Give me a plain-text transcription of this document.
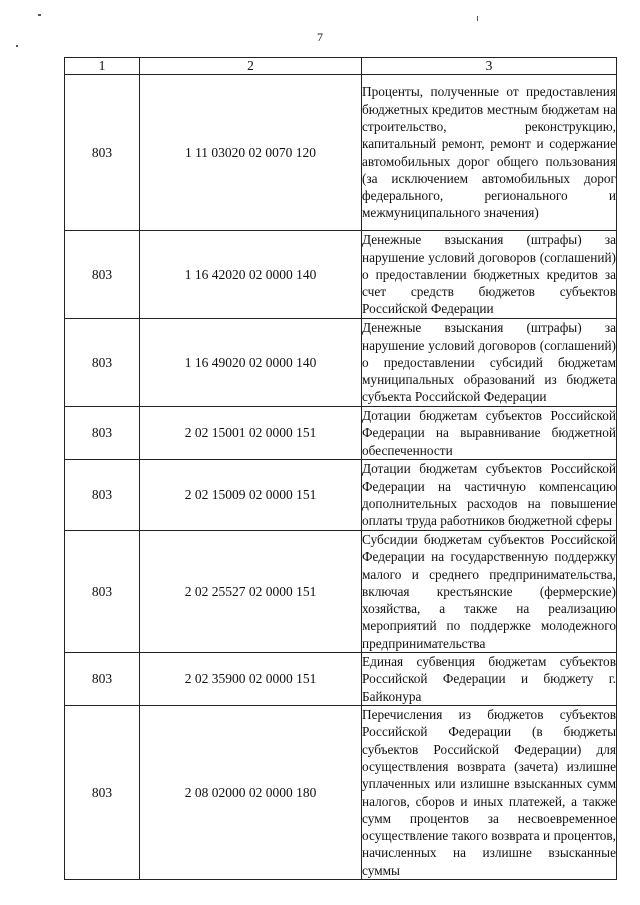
7
1	2	3
803	1 11 03020 02 0070 120	Проценты, полученные от предоставления бюджетных кредитов местным бюджетам на строительство, реконструкцию, капитальный ремонт, ремонт и содержание автомобильных дорог общего пользования (за исключением автомобильных дорог федерального, регионального и межмуниципального значения)
803	1 16 42020 02 0000 140	Денежные взыскания (штрафы) за нарушение условий договоров (соглашений) о предоставлении бюджетных кредитов за счет средств бюджетов субъектов Российской Федерации
803	1 16 49020 02 0000 140	Денежные взыскания (штрафы) за нарушение условий договоров (соглашений) о предоставлении субсидий бюджетам муниципальных образований из бюджета субъекта Российской Федерации
803	2 02 15001 02 0000 151	Дотации бюджетам субъектов Российской Федерации на выравнивание бюджетной обеспеченности
803	2 02 15009 02 0000 151	Дотации бюджетам субъектов Российской Федерации на частичную компенсацию дополнительных расходов на повышение оплаты труда работников бюджетной сферы
803	2 02 25527 02 0000 151	Субсидии бюджетам субъектов Российской Федерации на государственную поддержку малого и среднего предпринимательства, включая крестьянские (фермерские) хозяйства, а также на реализацию мероприятий по поддержке молодежного предпринимательства
803	2 02 35900 02 0000 151	Единая субвенция бюджетам субъектов Российской Федерации и бюджету г. Байконура
803	2 08 02000 02 0000 180	Перечисления из бюджетов субъектов Российской Федерации (в бюджеты субъектов Российской Федерации) для осуществления возврата (зачета) излишне уплаченных или излишне взысканных сумм налогов, сборов и иных платежей, а также сумм процентов за несвоевременное осуществление такого возврата и процентов, начисленных на излишне взысканные суммы
